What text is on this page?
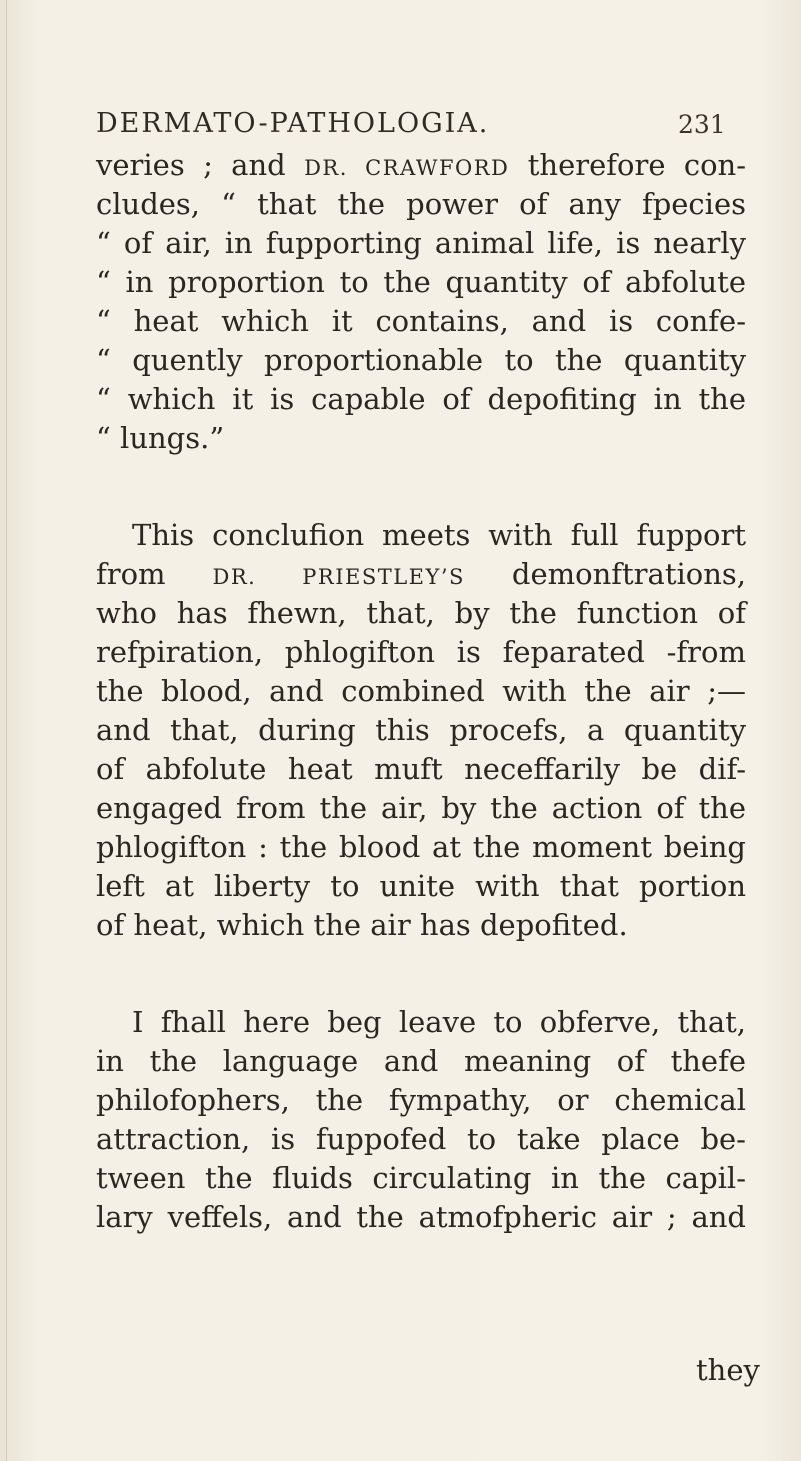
DERMATO-PATHOLOGIA.	231
veries ; and DR. CRAWFORD therefore con-
cludes, “ that the power of any fpecies
“ of air, in fupporting animal life, is nearly
“ in proportion to the quantity of abfolute
“ heat which it contains, and is confe-
“ quently proportionable to the quantity
“ which it is capable of depofiting in the
“ lungs.”
This conclufion meets with full fupport
from DR. PRIESTLEY’S demonftrations,
who has fhewn, that, by the function of
refpiration, phlogifton is feparated -from
the blood, and combined with the air ;—
and that, during this procefs, a quantity
of abfolute heat muft neceffarily be dif-
engaged from the air, by the action of the
phlogifton : the blood at the moment being
left at liberty to unite with that portion
of heat, which the air has depofited.
I fhall here beg leave to obferve, that,
in the language and meaning of thefe
philofophers, the fympathy, or chemical
attraction, is fuppofed to take place be-
tween the fluids circulating in the capil-
lary veffels, and the atmofpheric air ; and
they
